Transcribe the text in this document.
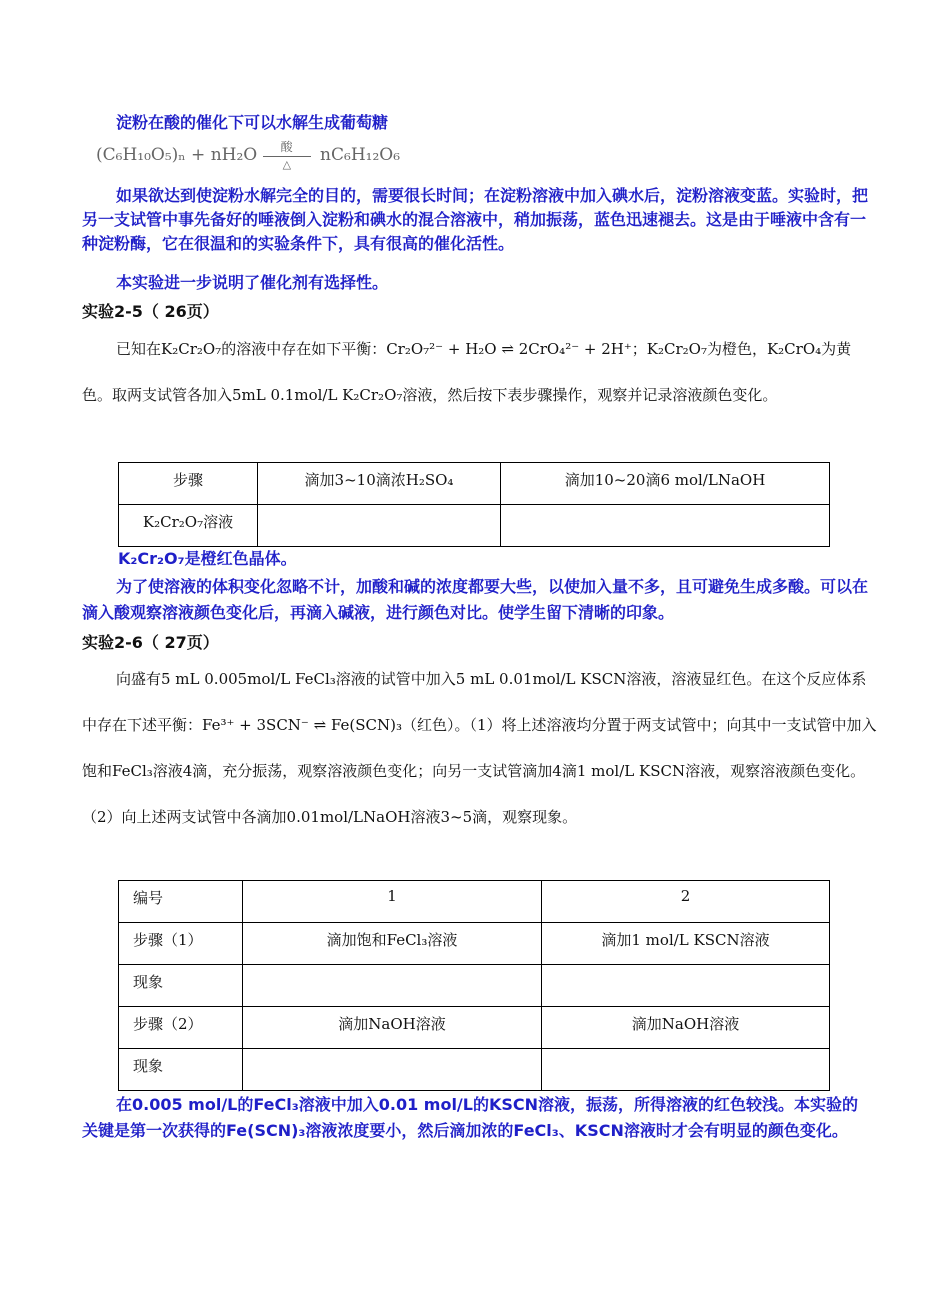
淀粉在酸的催化下可以水解生成葡萄糖
(C₆H₁₀O₅)ₙ + nH₂O 酸
△ nC₆H₁₂O₆
如果欲达到使淀粉水解完全的目的，需要很长时间；在淀粉溶液中加入碘水后，淀粉溶液变蓝。实验时，把另一支试管中事先备好的唾液倒入淀粉和碘水的混合溶液中，稍加振荡，蓝色迅速褪去。这是由于唾液中含有一种淀粉酶，它在很温和的实验条件下，具有很高的催化活性。
本实验进一步说明了催化剂有选择性。
实验2-5（ 26页）
已知在K₂Cr₂O₇的溶液中存在如下平衡：Cr₂O₇²⁻ + H₂O ⇌ 2CrO₄²⁻ + 2H⁺；K₂Cr₂O₇为橙色，K₂CrO₄为黄色。取两支试管各加入5mL 0.1mol/L K₂Cr₂O₇溶液，然后按下表步骤操作，观察并记录溶液颜色变化。
步骤	滴加3~10滴浓H₂SO₄	滴加10~20滴6 mol/LNaOH
K₂Cr₂O₇溶液		
K₂Cr₂O₇是橙红色晶体。
为了使溶液的体积变化忽略不计，加酸和碱的浓度都要大些，以使加入量不多，且可避免生成多酸。可以在滴入酸观察溶液颜色变化后，再滴入碱液，进行颜色对比。使学生留下清晰的印象。
实验2-6（ 27页）
向盛有5 mL 0.005mol/L FeCl₃溶液的试管中加入5 mL 0.01mol/L KSCN溶液，溶液显红色。在这个反应体系中存在下述平衡：Fe³⁺ + 3SCN⁻ ⇌ Fe(SCN)₃（红色）。（1）将上述溶液均分置于两支试管中；向其中一支试管中加入饱和FeCl₃溶液4滴，充分振荡，观察溶液颜色变化；向另一支试管滴加4滴1 mol/L KSCN溶液，观察溶液颜色变化。（2）向上述两支试管中各滴加0.01mol/LNaOH溶液3~5滴，观察现象。
编号	1	2
步骤（1）	滴加饱和FeCl₃溶液	滴加1 mol/L KSCN溶液
现象		
步骤（2）	滴加NaOH溶液	滴加NaOH溶液
现象		
在0.005 mol/L的FeCl₃溶液中加入0.01 mol/L的KSCN溶液，振荡，所得溶液的红色较浅。本实验的关键是第一次获得的Fe(SCN)₃溶液浓度要小，然后滴加浓的FeCl₃、KSCN溶液时才会有明显的颜色变化。
